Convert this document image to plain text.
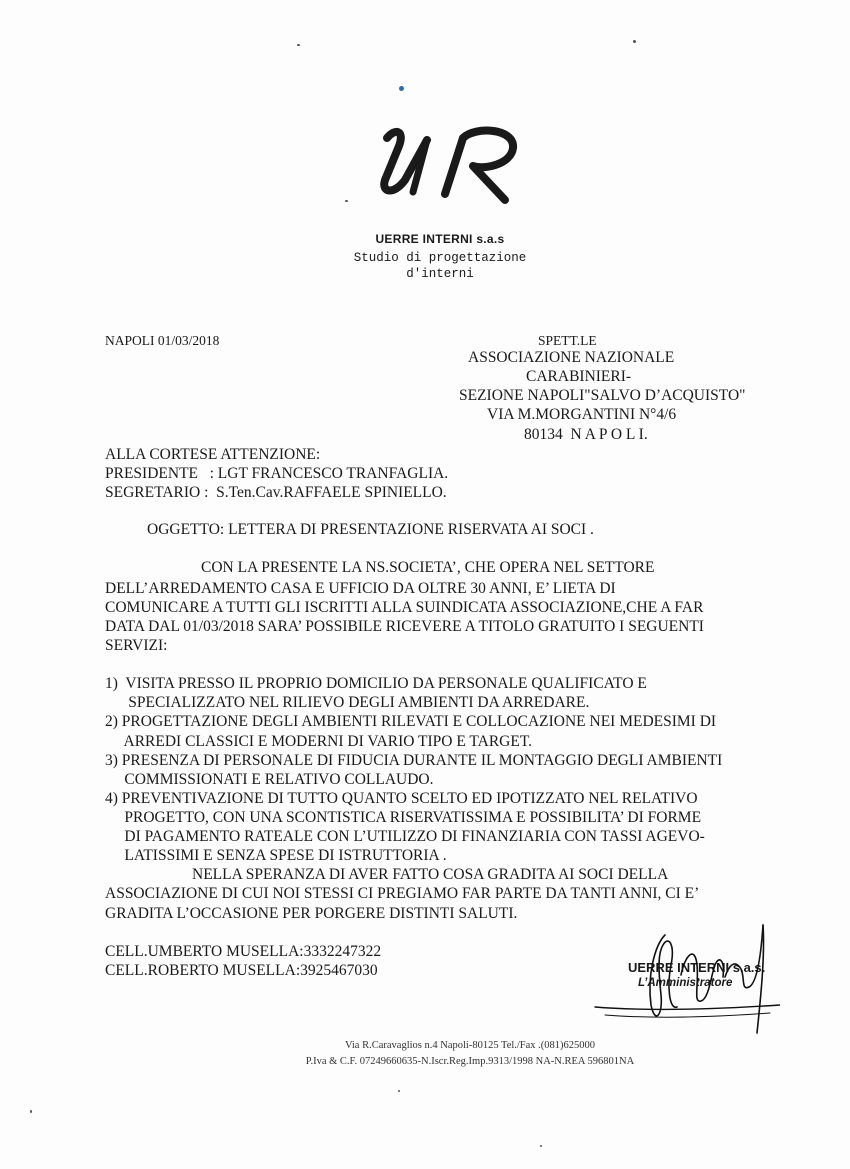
UERRE INTERNI s.a.s
Studio di progettazione
d'interni
NAPOLI 01/03/2018	SPETT.LE
ASSOCIAZIONE NAZIONALE
CARABINIERI-
SEZIONE NAPOLI"SALVO D’ACQUISTO"
VIA M.MORGANTINI N°4/6
80134  N A P O L I.
ALLA CORTESE ATTENZIONE:
PRESIDENTE   : LGT FRANCESCO TRANFAGLIA.
SEGRETARIO :  S.Ten.Cav.RAFFAELE SPINIELLO.
OGGETTO: LETTERA DI PRESENTAZIONE RISERVATA AI SOCI .
CON LA PRESENTE LA NS.SOCIETA’, CHE OPERA NEL SETTORE
DELL’ARREDAMENTO CASA E UFFICIO DA OLTRE 30 ANNI, E’ LIETA DI
COMUNICARE A TUTTI GLI ISCRITTI ALLA SUINDICATA ASSOCIAZIONE,CHE A FAR
DATA DAL 01/03/2018 SARA’ POSSIBILE RICEVERE A TITOLO GRATUITO I SEGUENTI
SERVIZI:
1)  VISITA PRESSO IL PROPRIO DOMICILIO DA PERSONALE QUALIFICATO E
SPECIALIZZATO NEL RILIEVO DEGLI AMBIENTI DA ARREDARE.
2) PROGETTAZIONE DEGLI AMBIENTI RILEVATI E COLLOCAZIONE NEI MEDESIMI DI
ARREDI CLASSICI E MODERNI DI VARIO TIPO E TARGET.
3) PRESENZA DI PERSONALE DI FIDUCIA DURANTE IL MONTAGGIO DEGLI AMBIENTI
COMMISSIONATI E RELATIVO COLLAUDO.
4) PREVENTIVAZIONE DI TUTTO QUANTO SCELTO ED IPOTIZZATO NEL RELATIVO
PROGETTO, CON UNA SCONTISTICA RISERVATISSIMA E POSSIBILITA’ DI FORME
DI PAGAMENTO RATEALE CON L’UTILIZZO DI FINANZIARIA CON TASSI AGEVO-
LATISSIMI E SENZA SPESE DI ISTRUTTORIA .
NELLA SPERANZA DI AVER FATTO COSA GRADITA AI SOCI DELLA
ASSOCIAZIONE DI CUI NOI STESSI CI PREGIAMO FAR PARTE DA TANTI ANNI, CI E’
GRADITA L’OCCASIONE PER PORGERE DISTINTI SALUTI.
CELL.UMBERTO MUSELLA:3332247322
CELL.ROBERTO MUSELLA:3925467030	UERRE INTERNI s.a.s.
L’Amministratore
Via R.Caravaglios n.4 Napoli-80125 Tel./Fax .(081)625000
P.Iva & C.F. 07249660635-N.Iscr.Reg.Imp.9313/1998 NA-N.REA 596801NA
